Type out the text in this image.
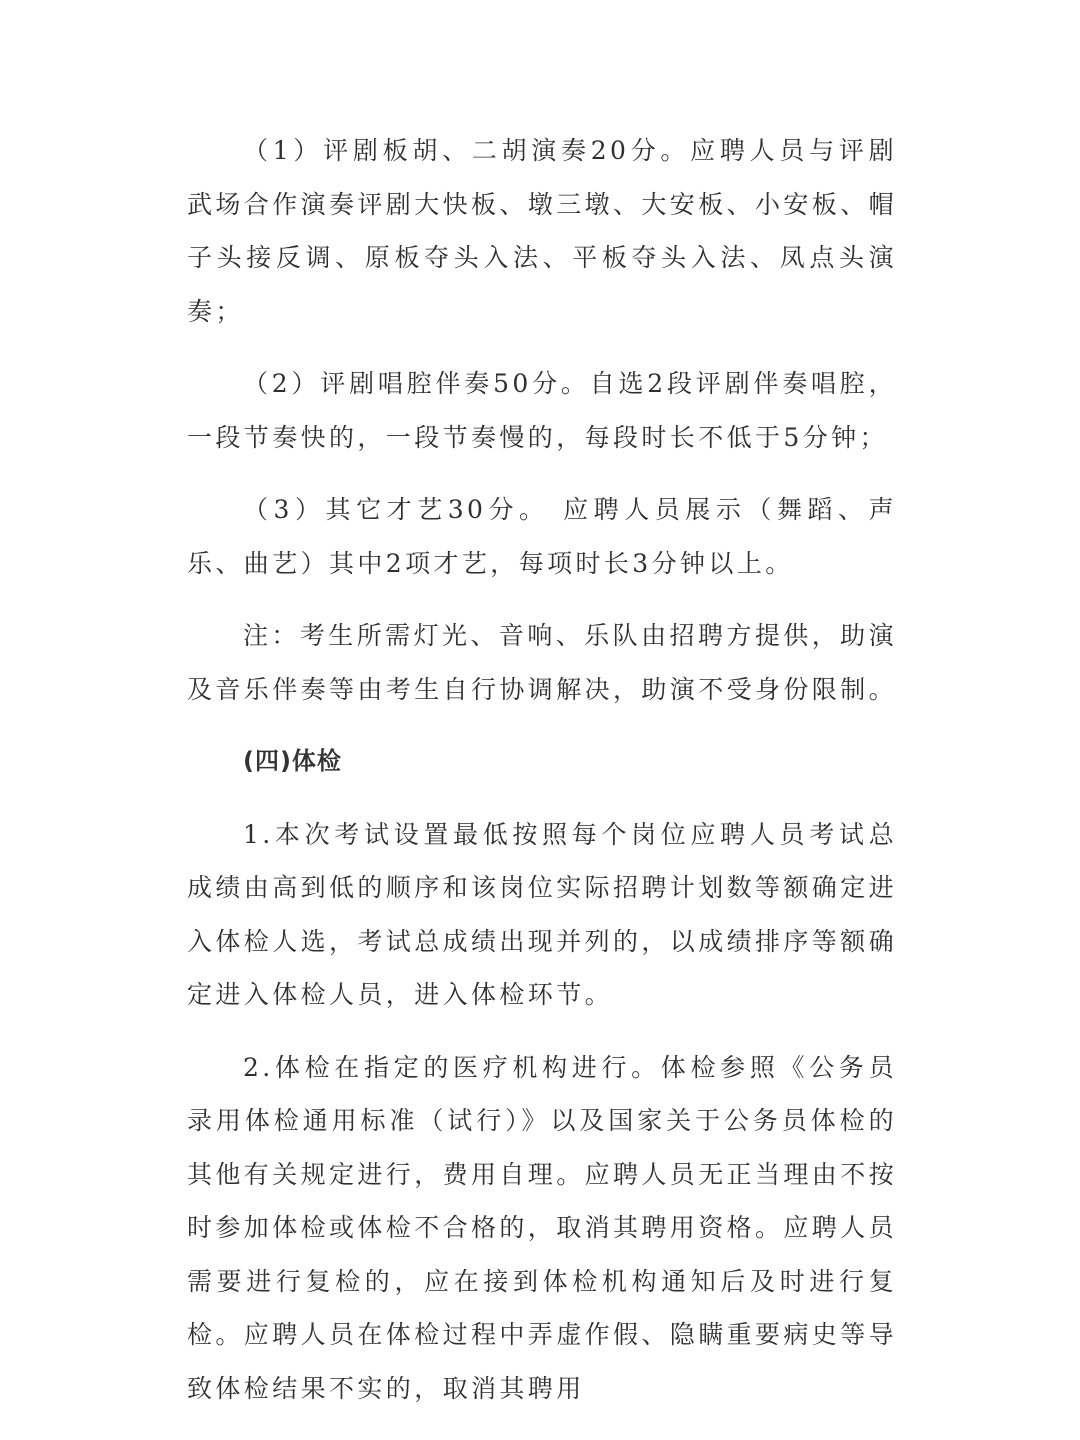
（1）评剧板胡、二胡演奏20分。应聘人员与评剧武场合作演奏评剧大快板、墩三墩、大安板、小安板、帽子头接反调、原板夺头入法、平板夺头入法、凤点头演奏；

（2）评剧唱腔伴奏50分。自选2段评剧伴奏唱腔，一段节奏快的，一段节奏慢的，每段时长不低于5分钟；

（3）其它才艺30分。 应聘人员展示（舞蹈、声乐、曲艺）其中2项才艺，每项时长3分钟以上。

注：考生所需灯光、音响、乐队由招聘方提供，助演及音乐伴奏等由考生自行协调解决，助演不受身份限制。

(四)体检

1.本次考试设置最低按照每个岗位应聘人员考试总成绩由高到低的顺序和该岗位实际招聘计划数等额确定进入体检人选，考试总成绩出现并列的，以成绩排序等额确定进入体检人员，进入体检环节。

2.体检在指定的医疗机构进行。体检参照《公务员录用体检通用标准（试行）》以及国家关于公务员体检的其他有关规定进行，费用自理。应聘人员无正当理由不按时参加体检或体检不合格的，取消其聘用资格。应聘人员需要进行复检的，应在接到体检机构通知后及时进行复检。应聘人员在体检过程中弄虚作假、隐瞒重要病史等导致体检结果不实的，取消其聘用
